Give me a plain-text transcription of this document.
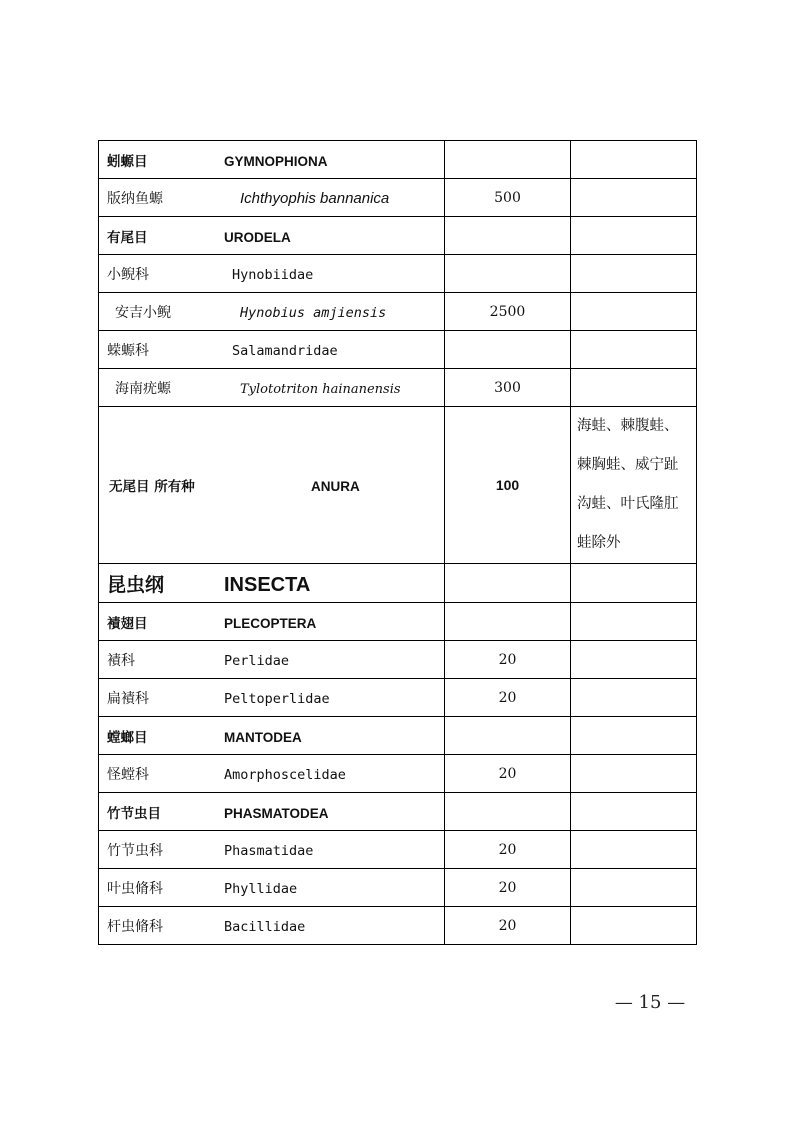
蚓螈目 GYMNOPHIONA		
版纳鱼螈 Ichthyophis bannanica	500	
有尾目 URODELA		
小鲵科 Hynobiidae		
安吉小鲵 Hynobius amjiensis	2500	
蝾螈科 Salamandridae		
海南疣螈 Tylototriton hainanensis	300	
无尾目 所有种 ANURA	100	海蛙、棘腹蛙、棘胸蛙、威宁趾沟蛙、叶氏隆肛蛙除外

昆虫纲 INSECTA		
襀翅目 PLECOPTERA		
襀科 Perlidae	20	
扁襀科 Peltoperlidae	20	
螳螂目 MANTODEA		
怪螳科 Amorphoscelidae	20	
竹节虫目 PHASMATODEA		
竹节虫科 Phasmatidae	20	
叶虫脩科 Phyllidae	20	
杆虫脩科 Bacillidae	20	
— 15 —
